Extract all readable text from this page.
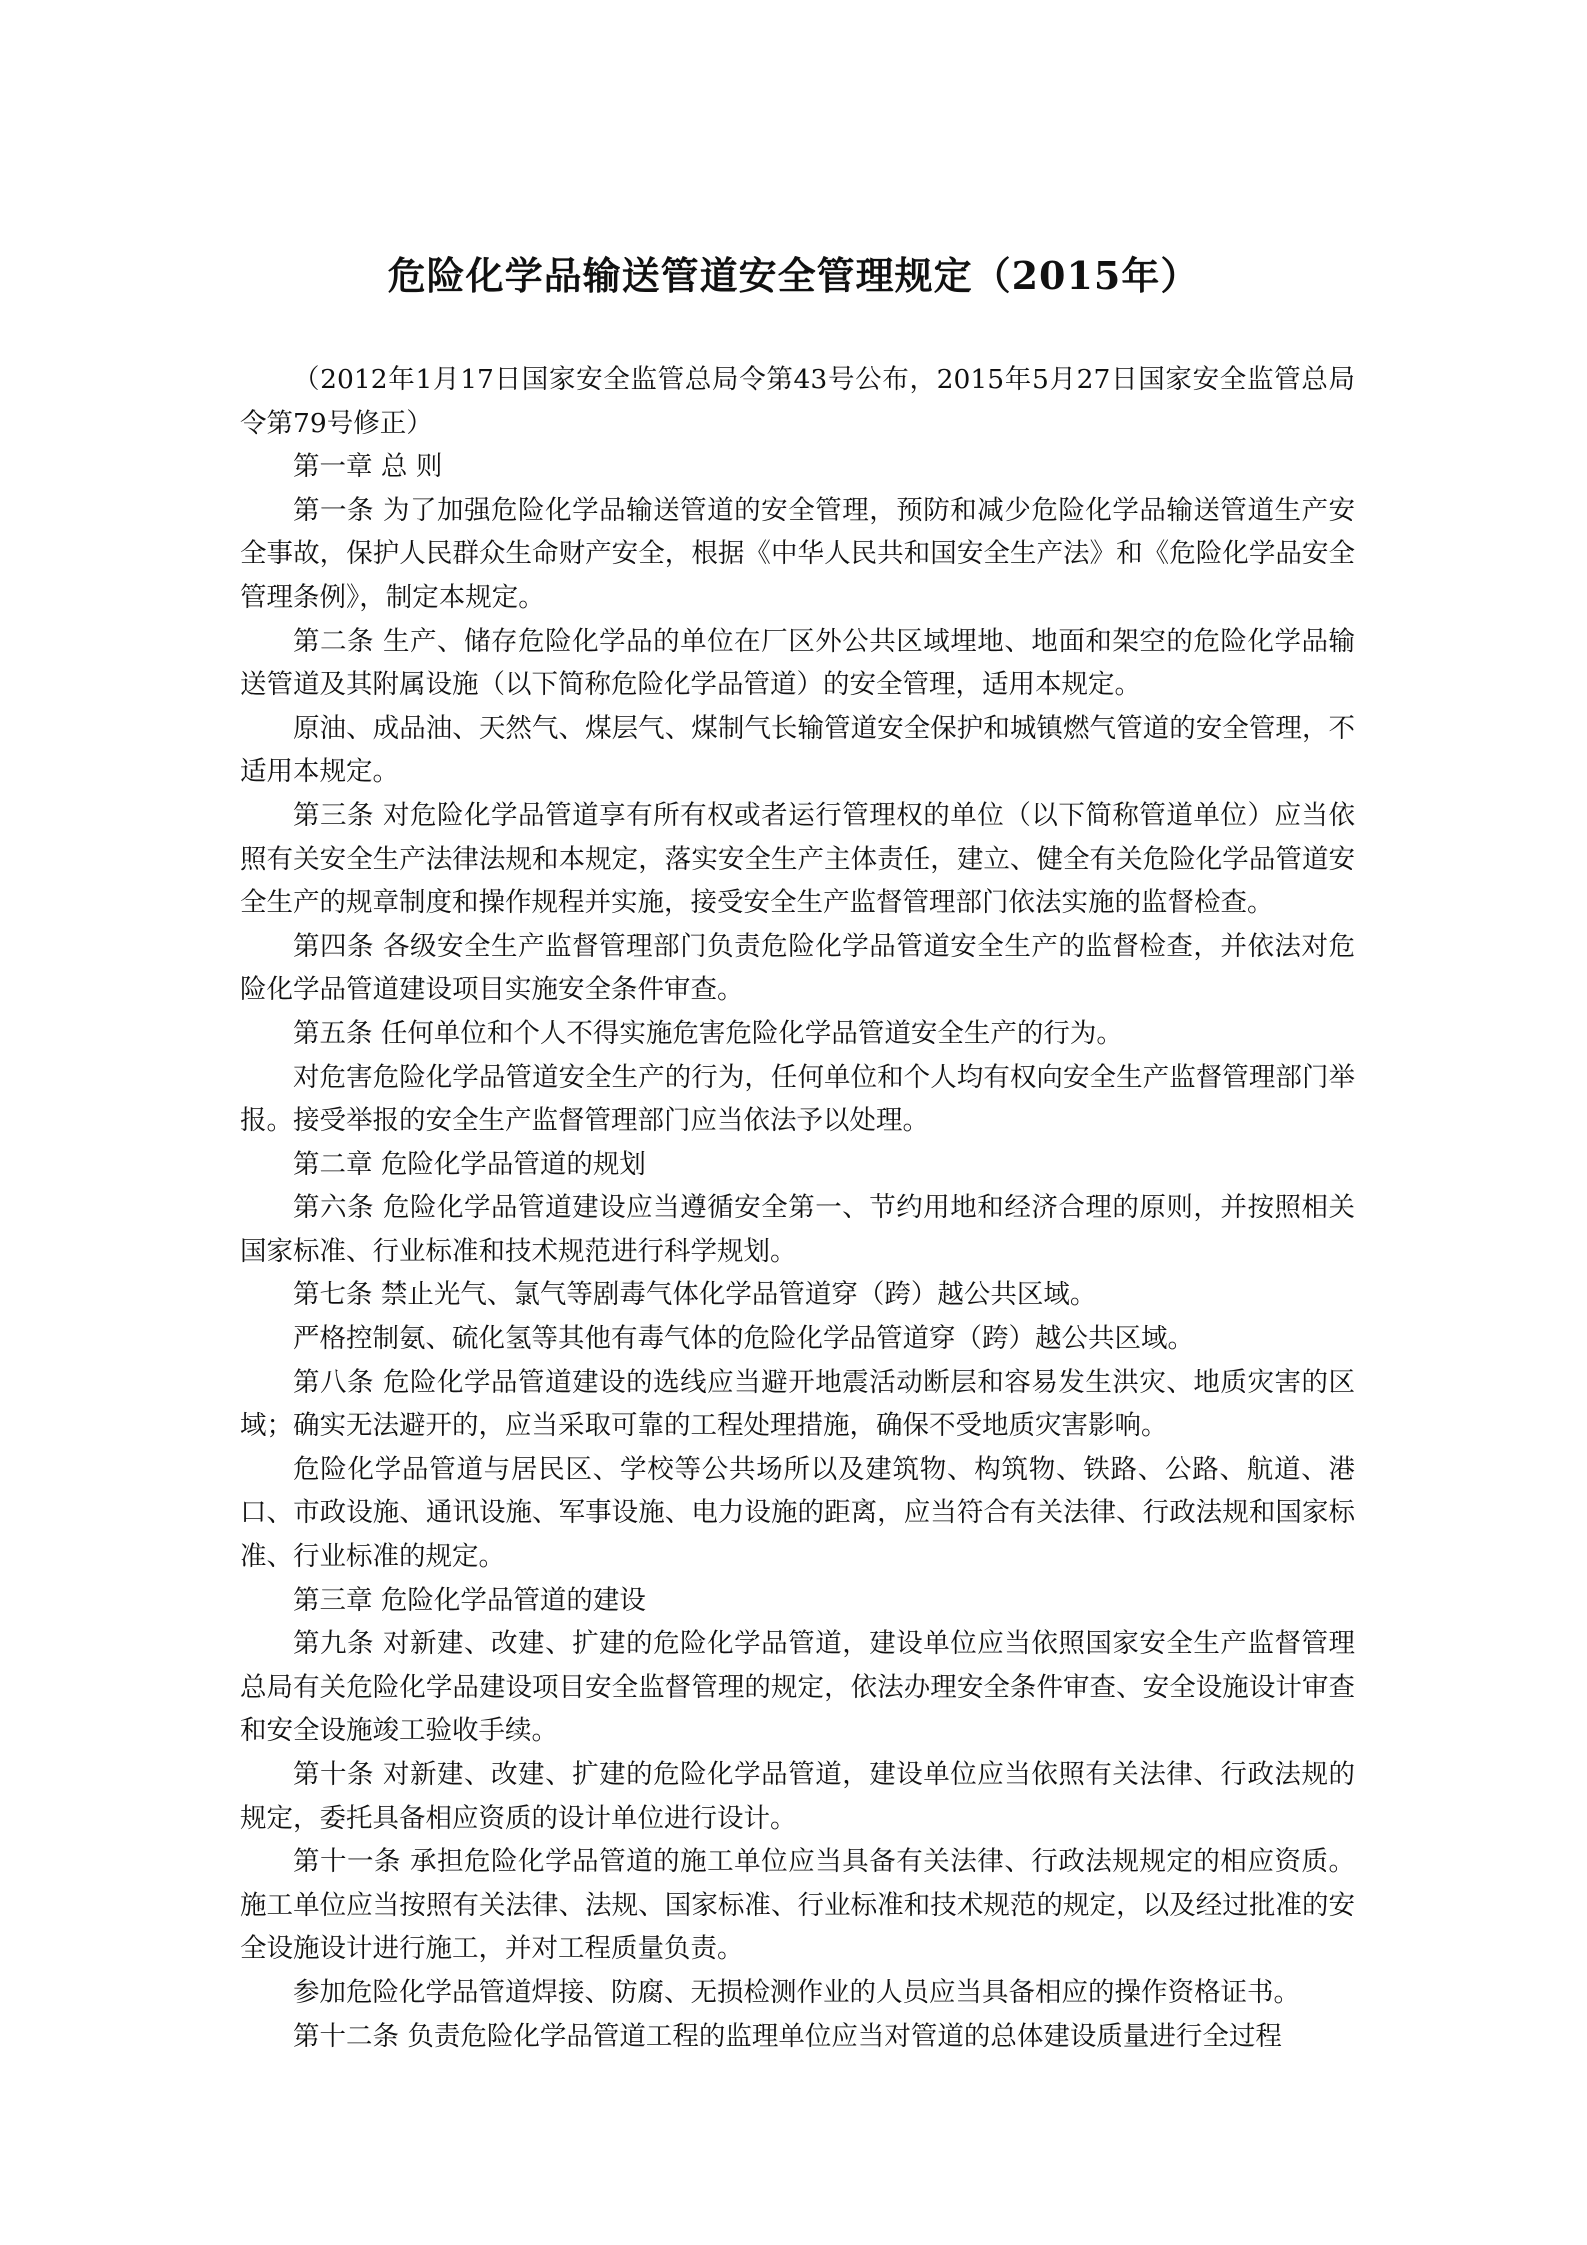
危险化学品输送管道安全管理规定（2015年）

（2012年1月17日国家安全监管总局令第43号公布，2015年5月27日国家安全监管总局令第79号修正）

第一章 总 则

第一条 为了加强危险化学品输送管道的安全管理，预防和减少危险化学品输送管道生产安全事故，保护人民群众生命财产安全，根据《中华人民共和国安全生产法》和《危险化学品安全管理条例》，制定本规定。

第二条 生产、储存危险化学品的单位在厂区外公共区域埋地、地面和架空的危险化学品输送管道及其附属设施（以下简称危险化学品管道）的安全管理，适用本规定。

原油、成品油、天然气、煤层气、煤制气长输管道安全保护和城镇燃气管道的安全管理，不适用本规定。

第三条 对危险化学品管道享有所有权或者运行管理权的单位（以下简称管道单位）应当依照有关安全生产法律法规和本规定，落实安全生产主体责任，建立、健全有关危险化学品管道安全生产的规章制度和操作规程并实施，接受安全生产监督管理部门依法实施的监督检查。

第四条 各级安全生产监督管理部门负责危险化学品管道安全生产的监督检查，并依法对危险化学品管道建设项目实施安全条件审查。

第五条 任何单位和个人不得实施危害危险化学品管道安全生产的行为。

对危害危险化学品管道安全生产的行为，任何单位和个人均有权向安全生产监督管理部门举报。接受举报的安全生产监督管理部门应当依法予以处理。

第二章 危险化学品管道的规划

第六条 危险化学品管道建设应当遵循安全第一、节约用地和经济合理的原则，并按照相关国家标准、行业标准和技术规范进行科学规划。

第七条 禁止光气、氯气等剧毒气体化学品管道穿（跨）越公共区域。

严格控制氨、硫化氢等其他有毒气体的危险化学品管道穿（跨）越公共区域。

第八条 危险化学品管道建设的选线应当避开地震活动断层和容易发生洪灾、地质灾害的区域；确实无法避开的，应当采取可靠的工程处理措施，确保不受地质灾害影响。

危险化学品管道与居民区、学校等公共场所以及建筑物、构筑物、铁路、公路、航道、港口、市政设施、通讯设施、军事设施、电力设施的距离，应当符合有关法律、行政法规和国家标准、行业标准的规定。

第三章 危险化学品管道的建设

第九条 对新建、改建、扩建的危险化学品管道，建设单位应当依照国家安全生产监督管理总局有关危险化学品建设项目安全监督管理的规定，依法办理安全条件审查、安全设施设计审查和安全设施竣工验收手续。

第十条 对新建、改建、扩建的危险化学品管道，建设单位应当依照有关法律、行政法规的规定，委托具备相应资质的设计单位进行设计。

第十一条 承担危险化学品管道的施工单位应当具备有关法律、行政法规规定的相应资质。施工单位应当按照有关法律、法规、国家标准、行业标准和技术规范的规定，以及经过批准的安全设施设计进行施工，并对工程质量负责。

参加危险化学品管道焊接、防腐、无损检测作业的人员应当具备相应的操作资格证书。

第十二条 负责危险化学品管道工程的监理单位应当对管道的总体建设质量进行全过程
